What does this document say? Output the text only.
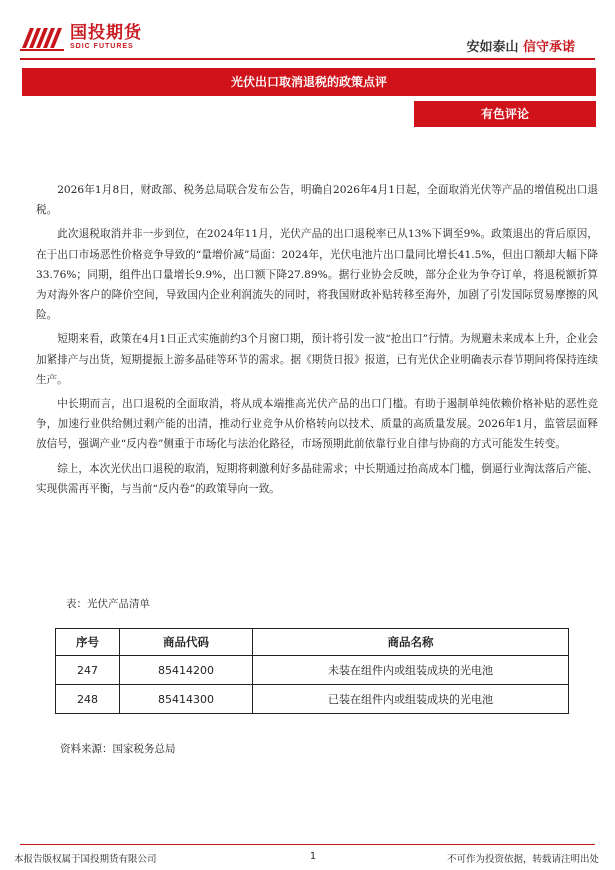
国投期货
SDIC FUTURES	安如泰山 信守承诺
光伏出口取消退税的政策点评
有色评论

2026年1月8日，财政部、税务总局联合发布公告，明确自2026年4月1日起，全面取消光伏等产品的增值税出口退税。

此次退税取消并非一步到位，在2024年11月，光伏产品的出口退税率已从13%下调至9%。政策退出的背后原因，在于出口市场恶性价格竞争导致的“量增价减”局面：2024年，光伏电池片出口量同比增长41.5%，但出口额却大幅下降33.76%；同期，组件出口量增长9.9%，出口额下降27.89%。据行业协会反映，部分企业为争夺订单，将退税额折算为对海外客户的降价空间，导致国内企业利润流失的同时，将我国财政补贴转移至海外，加剧了引发国际贸易摩擦的风险。

短期来看，政策在4月1日正式实施前约3个月窗口期，预计将引发一波“抢出口”行情。为规避未来成本上升，企业会加紧排产与出货，短期提振上游多晶硅等环节的需求。据《期货日报》报道，已有光伏企业明确表示春节期间将保持连续生产。

中长期而言，出口退税的全面取消，将从成本端推高光伏产品的出口门槛。有助于遏制单纯依赖价格补贴的恶性竞争，加速行业供给侧过剩产能的出清，推动行业竞争从价格转向以技术、质量的高质量发展。2026年1月，监管层面释放信号，强调产业“反内卷”侧重于市场化与法治化路径，市场预期此前依靠行业自律与协商的方式可能发生转变。

综上，本次光伏出口退税的取消，短期将刺激利好多晶硅需求；中长期通过抬高成本门槛，倒逼行业淘汰落后产能、实现供需再平衡，与当前“反内卷”的政策导向一致。

表：光伏产品清单
序号	商品代码	商品名称
247	85414200	未装在组件内或组装成块的光电池
248	85414300	已装在组件内或组装成块的光电池
资料来源：国家税务总局
本报告版权属于国投期货有限公司	1	不可作为投资依据，转载请注明出处
